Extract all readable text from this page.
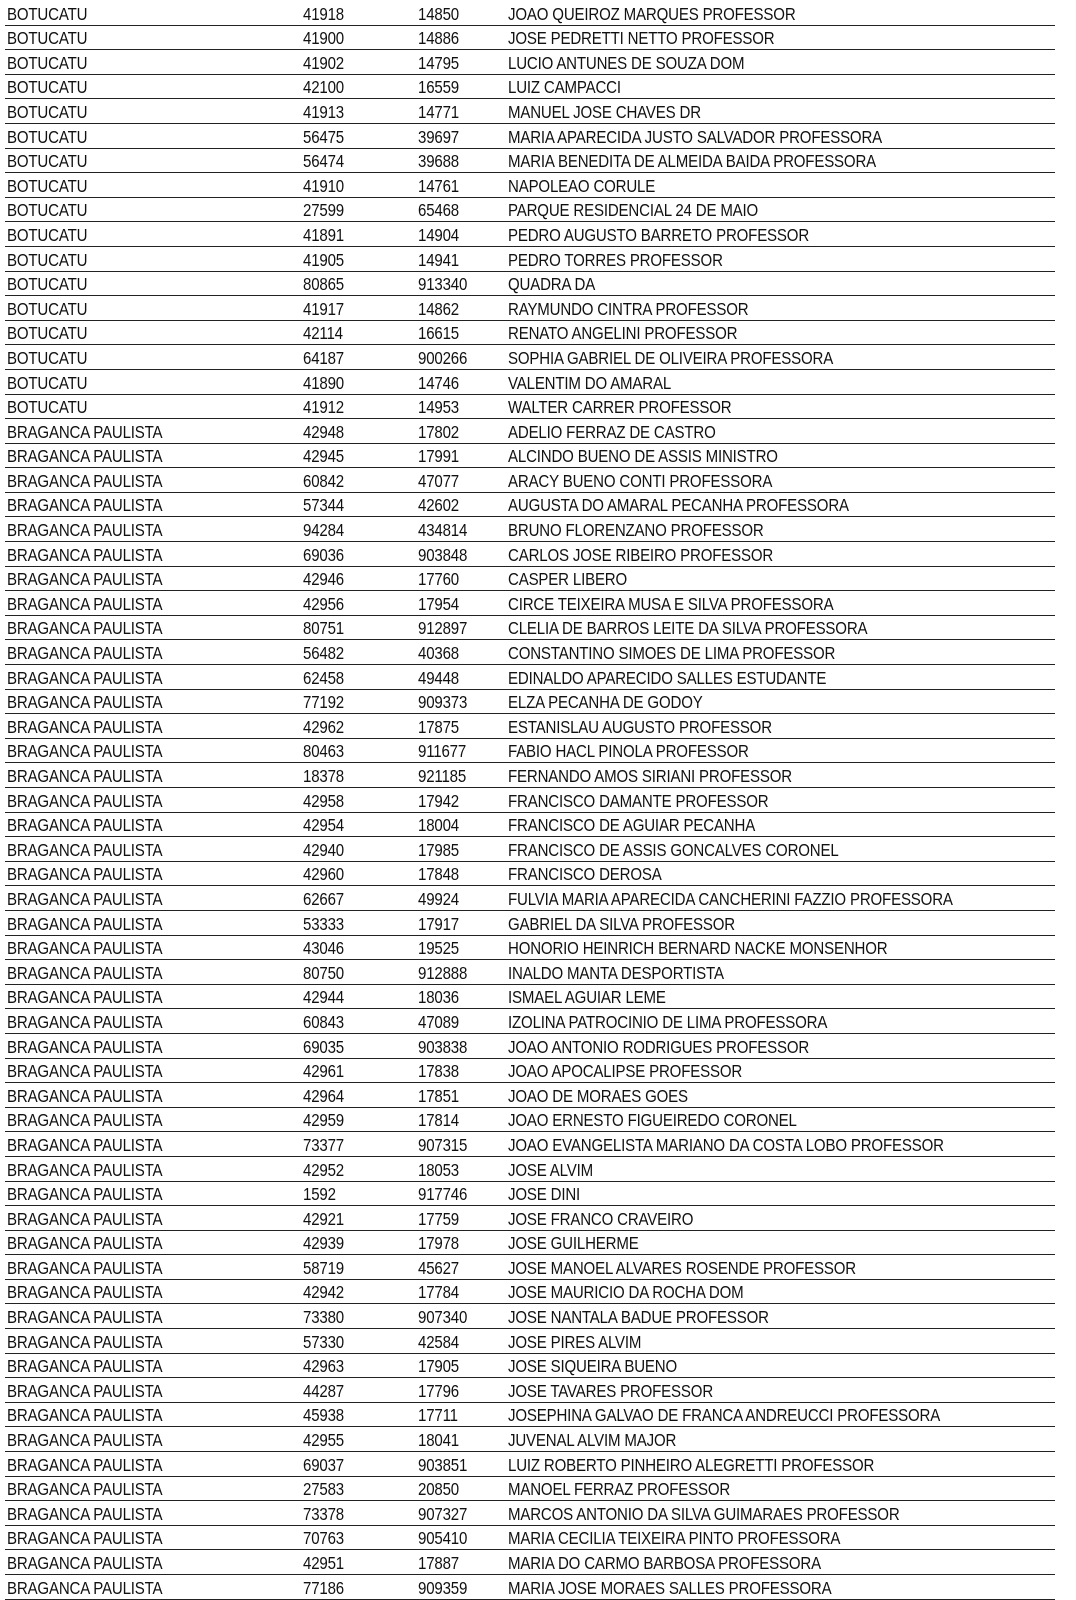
BOTUCATU	41918	14850	JOAO QUEIROZ MARQUES PROFESSOR
BOTUCATU	41900	14886	JOSE PEDRETTI NETTO PROFESSOR
BOTUCATU	41902	14795	LUCIO ANTUNES DE SOUZA DOM
BOTUCATU	42100	16559	LUIZ CAMPACCI
BOTUCATU	41913	14771	MANUEL JOSE CHAVES DR
BOTUCATU	56475	39697	MARIA APARECIDA JUSTO SALVADOR PROFESSORA
BOTUCATU	56474	39688	MARIA BENEDITA DE ALMEIDA BAIDA PROFESSORA
BOTUCATU	41910	14761	NAPOLEAO CORULE
BOTUCATU	27599	65468	PARQUE RESIDENCIAL 24 DE MAIO
BOTUCATU	41891	14904	PEDRO AUGUSTO BARRETO PROFESSOR
BOTUCATU	41905	14941	PEDRO TORRES PROFESSOR
BOTUCATU	80865	913340	QUADRA DA
BOTUCATU	41917	14862	RAYMUNDO CINTRA PROFESSOR
BOTUCATU	42114	16615	RENATO ANGELINI PROFESSOR
BOTUCATU	64187	900266	SOPHIA GABRIEL DE OLIVEIRA PROFESSORA
BOTUCATU	41890	14746	VALENTIM DO AMARAL
BOTUCATU	41912	14953	WALTER CARRER PROFESSOR
BRAGANCA PAULISTA	42948	17802	ADELIO FERRAZ DE CASTRO
BRAGANCA PAULISTA	42945	17991	ALCINDO BUENO DE ASSIS MINISTRO
BRAGANCA PAULISTA	60842	47077	ARACY BUENO CONTI PROFESSORA
BRAGANCA PAULISTA	57344	42602	AUGUSTA DO AMARAL PECANHA PROFESSORA
BRAGANCA PAULISTA	94284	434814	BRUNO FLORENZANO PROFESSOR
BRAGANCA PAULISTA	69036	903848	CARLOS JOSE RIBEIRO PROFESSOR
BRAGANCA PAULISTA	42946	17760	CASPER LIBERO
BRAGANCA PAULISTA	42956	17954	CIRCE TEIXEIRA MUSA E SILVA PROFESSORA
BRAGANCA PAULISTA	80751	912897	CLELIA DE BARROS LEITE DA SILVA PROFESSORA
BRAGANCA PAULISTA	56482	40368	CONSTANTINO SIMOES DE LIMA PROFESSOR
BRAGANCA PAULISTA	62458	49448	EDINALDO APARECIDO SALLES ESTUDANTE
BRAGANCA PAULISTA	77192	909373	ELZA PECANHA DE GODOY
BRAGANCA PAULISTA	42962	17875	ESTANISLAU AUGUSTO PROFESSOR
BRAGANCA PAULISTA	80463	911677	FABIO HACL PINOLA PROFESSOR
BRAGANCA PAULISTA	18378	921185	FERNANDO AMOS SIRIANI PROFESSOR
BRAGANCA PAULISTA	42958	17942	FRANCISCO DAMANTE PROFESSOR
BRAGANCA PAULISTA	42954	18004	FRANCISCO DE AGUIAR PECANHA
BRAGANCA PAULISTA	42940	17985	FRANCISCO DE ASSIS GONCALVES CORONEL
BRAGANCA PAULISTA	42960	17848	FRANCISCO DEROSA
BRAGANCA PAULISTA	62667	49924	FULVIA MARIA APARECIDA CANCHERINI FAZZIO PROFESSORA
BRAGANCA PAULISTA	53333	17917	GABRIEL DA SILVA PROFESSOR
BRAGANCA PAULISTA	43046	19525	HONORIO HEINRICH BERNARD NACKE MONSENHOR
BRAGANCA PAULISTA	80750	912888	INALDO MANTA DESPORTISTA
BRAGANCA PAULISTA	42944	18036	ISMAEL AGUIAR LEME
BRAGANCA PAULISTA	60843	47089	IZOLINA PATROCINIO DE LIMA PROFESSORA
BRAGANCA PAULISTA	69035	903838	JOAO ANTONIO RODRIGUES PROFESSOR
BRAGANCA PAULISTA	42961	17838	JOAO APOCALIPSE PROFESSOR
BRAGANCA PAULISTA	42964	17851	JOAO DE MORAES GOES
BRAGANCA PAULISTA	42959	17814	JOAO ERNESTO FIGUEIREDO CORONEL
BRAGANCA PAULISTA	73377	907315	JOAO EVANGELISTA MARIANO DA COSTA LOBO PROFESSOR
BRAGANCA PAULISTA	42952	18053	JOSE ALVIM
BRAGANCA PAULISTA	1592	917746	JOSE DINI
BRAGANCA PAULISTA	42921	17759	JOSE FRANCO CRAVEIRO
BRAGANCA PAULISTA	42939	17978	JOSE GUILHERME
BRAGANCA PAULISTA	58719	45627	JOSE MANOEL ALVARES ROSENDE PROFESSOR
BRAGANCA PAULISTA	42942	17784	JOSE MAURICIO DA ROCHA DOM
BRAGANCA PAULISTA	73380	907340	JOSE NANTALA BADUE PROFESSOR
BRAGANCA PAULISTA	57330	42584	JOSE PIRES ALVIM
BRAGANCA PAULISTA	42963	17905	JOSE SIQUEIRA BUENO
BRAGANCA PAULISTA	44287	17796	JOSE TAVARES PROFESSOR
BRAGANCA PAULISTA	45938	17711	JOSEPHINA GALVAO DE FRANCA ANDREUCCI PROFESSORA
BRAGANCA PAULISTA	42955	18041	JUVENAL ALVIM MAJOR
BRAGANCA PAULISTA	69037	903851	LUIZ ROBERTO PINHEIRO ALEGRETTI PROFESSOR
BRAGANCA PAULISTA	27583	20850	MANOEL FERRAZ PROFESSOR
BRAGANCA PAULISTA	73378	907327	MARCOS ANTONIO DA SILVA GUIMARAES PROFESSOR
BRAGANCA PAULISTA	70763	905410	MARIA CECILIA TEIXEIRA PINTO PROFESSORA
BRAGANCA PAULISTA	42951	17887	MARIA DO CARMO BARBOSA PROFESSORA
BRAGANCA PAULISTA	77186	909359	MARIA JOSE MORAES SALLES PROFESSORA
